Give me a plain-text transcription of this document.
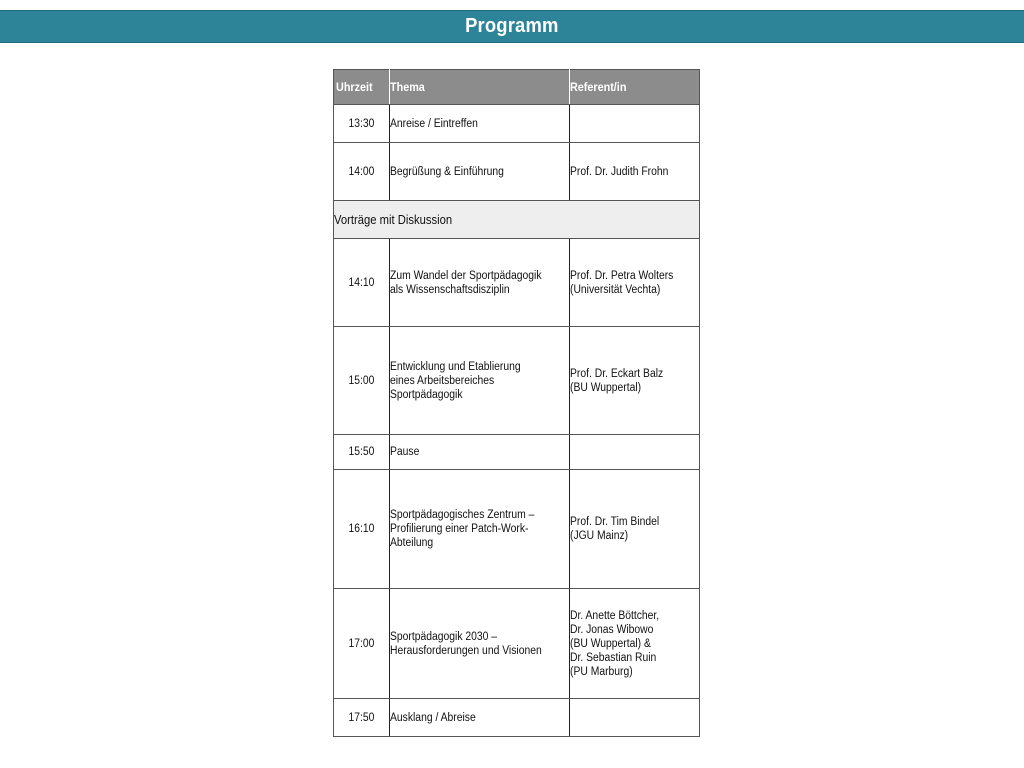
Programm
Uhrzeit	Thema	Referent/in
13:30	Anreise / Eintreffen	
14:00	Begrüßung & Einführung	Prof. Dr. Judith Frohn
Vorträge mit Diskussion		
14:10	Zum Wandel der Sportpädagogik als Wissenschaftsdisziplin	Prof. Dr. Petra Wolters (Universität Vechta)
15:00	Entwicklung und Etablierung eines Arbeitsbereiches Sportpädagogik	Prof. Dr. Eckart Balz (BU Wuppertal)
15:50	Pause	
16:10	Sportpädagogisches Zentrum – Profilierung einer Patch-Work- Abteilung	Prof. Dr. Tim Bindel (JGU Mainz)
17:00	Sportpädagogik 2030 – Herausforderungen und Visionen	Dr. Anette Böttcher, Dr. Jonas Wibowo (BU Wuppertal) & Dr. Sebastian Ruin (PU Marburg)
17:50	Ausklang / Abreise	
